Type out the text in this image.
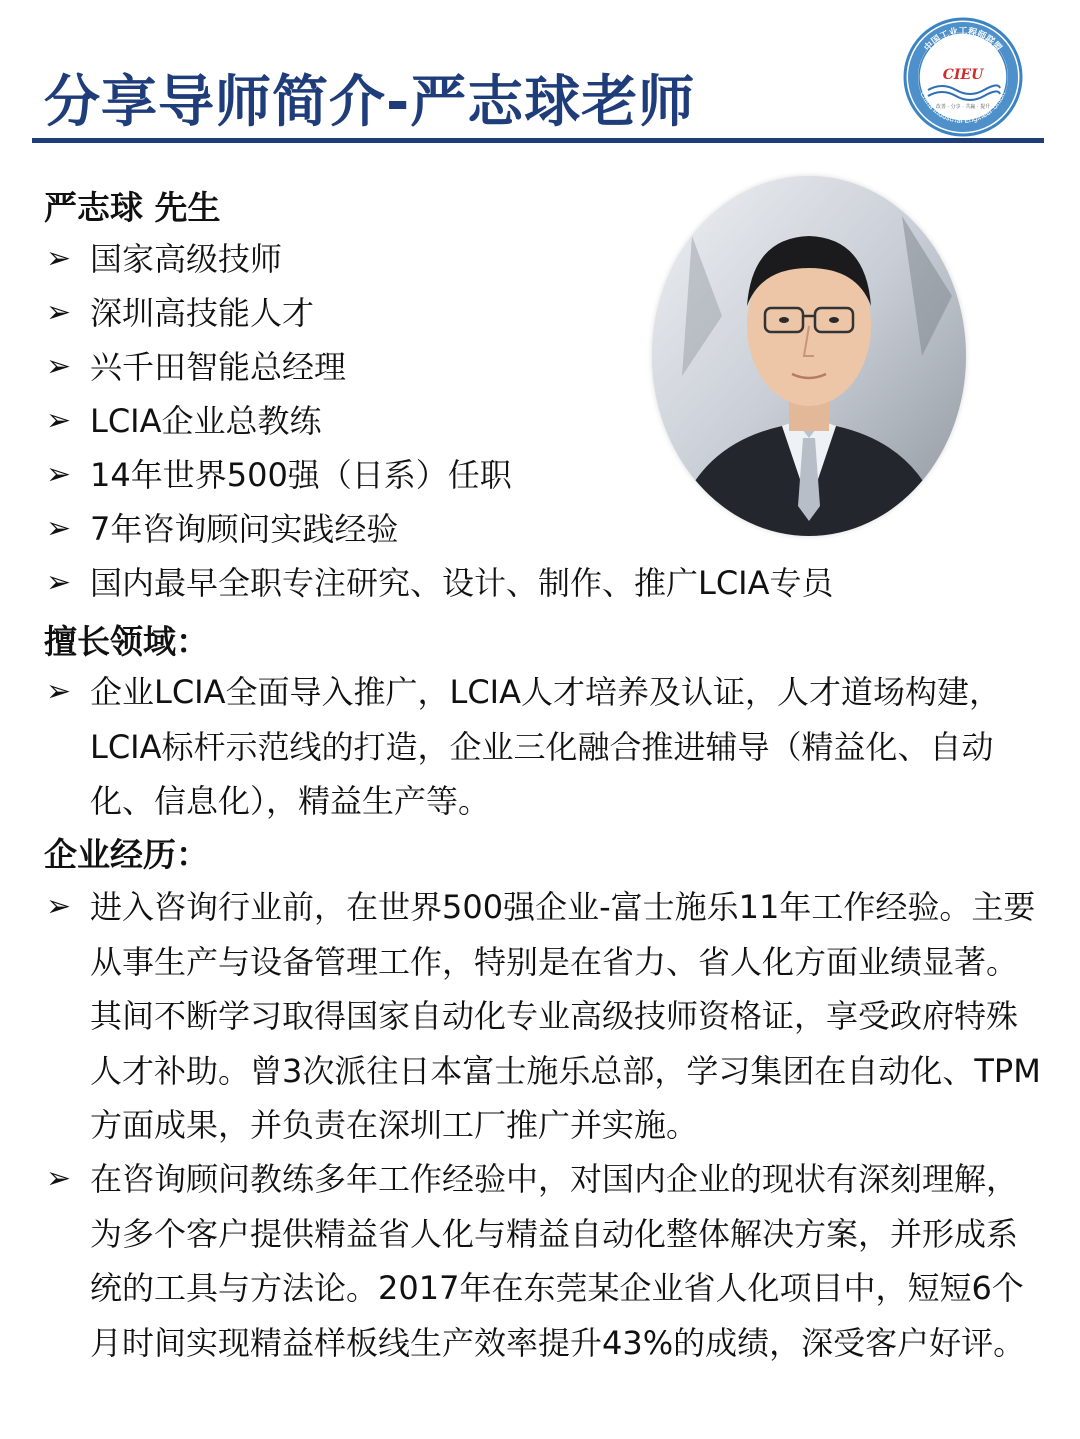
分享导师简介-严志球老师
中国工业工程师联盟
China Industrial Engineer Union
CIEU
改善 · 分享 · 共赢 · 提升
严志球 先生
➢ 国家高级技师
➢ 深圳高技能人才
➢ 兴千田智能总经理
➢ LCIA企业总教练
➢ 14年世界500强（日系）任职
➢ 7年咨询顾问实践经验
➢ 国内最早全职专注研究、设计、制作、推广LCIA专员
擅长领域：

➢ 企业LCIA全面导入推广，LCIA人才培养及认证，人才道场构建，LCIA标杆示范线的打造，企业三化融合推进辅导（精益化、自动化、信息化），精益生产等。

企业经历：

➢ 进入咨询行业前，在世界500强企业-富士施乐11年工作经验。主要从事生产与设备管理工作，特别是在省力、省人化方面业绩显著。其间不断学习取得国家自动化专业高级技师资格证，享受政府特殊人才补助。曾3次派往日本富士施乐总部，学习集团在自动化、TPM方面成果，并负责在深圳工厂推广并实施。

➢ 在咨询顾问教练多年工作经验中，对国内企业的现状有深刻理解，为多个客户提供精益省人化与精益自动化整体解决方案，并形成系统的工具与方法论。2017年在东莞某企业省人化项目中，短短6个月时间实现精益样板线生产效率提升43%的成绩，深受客户好评。
